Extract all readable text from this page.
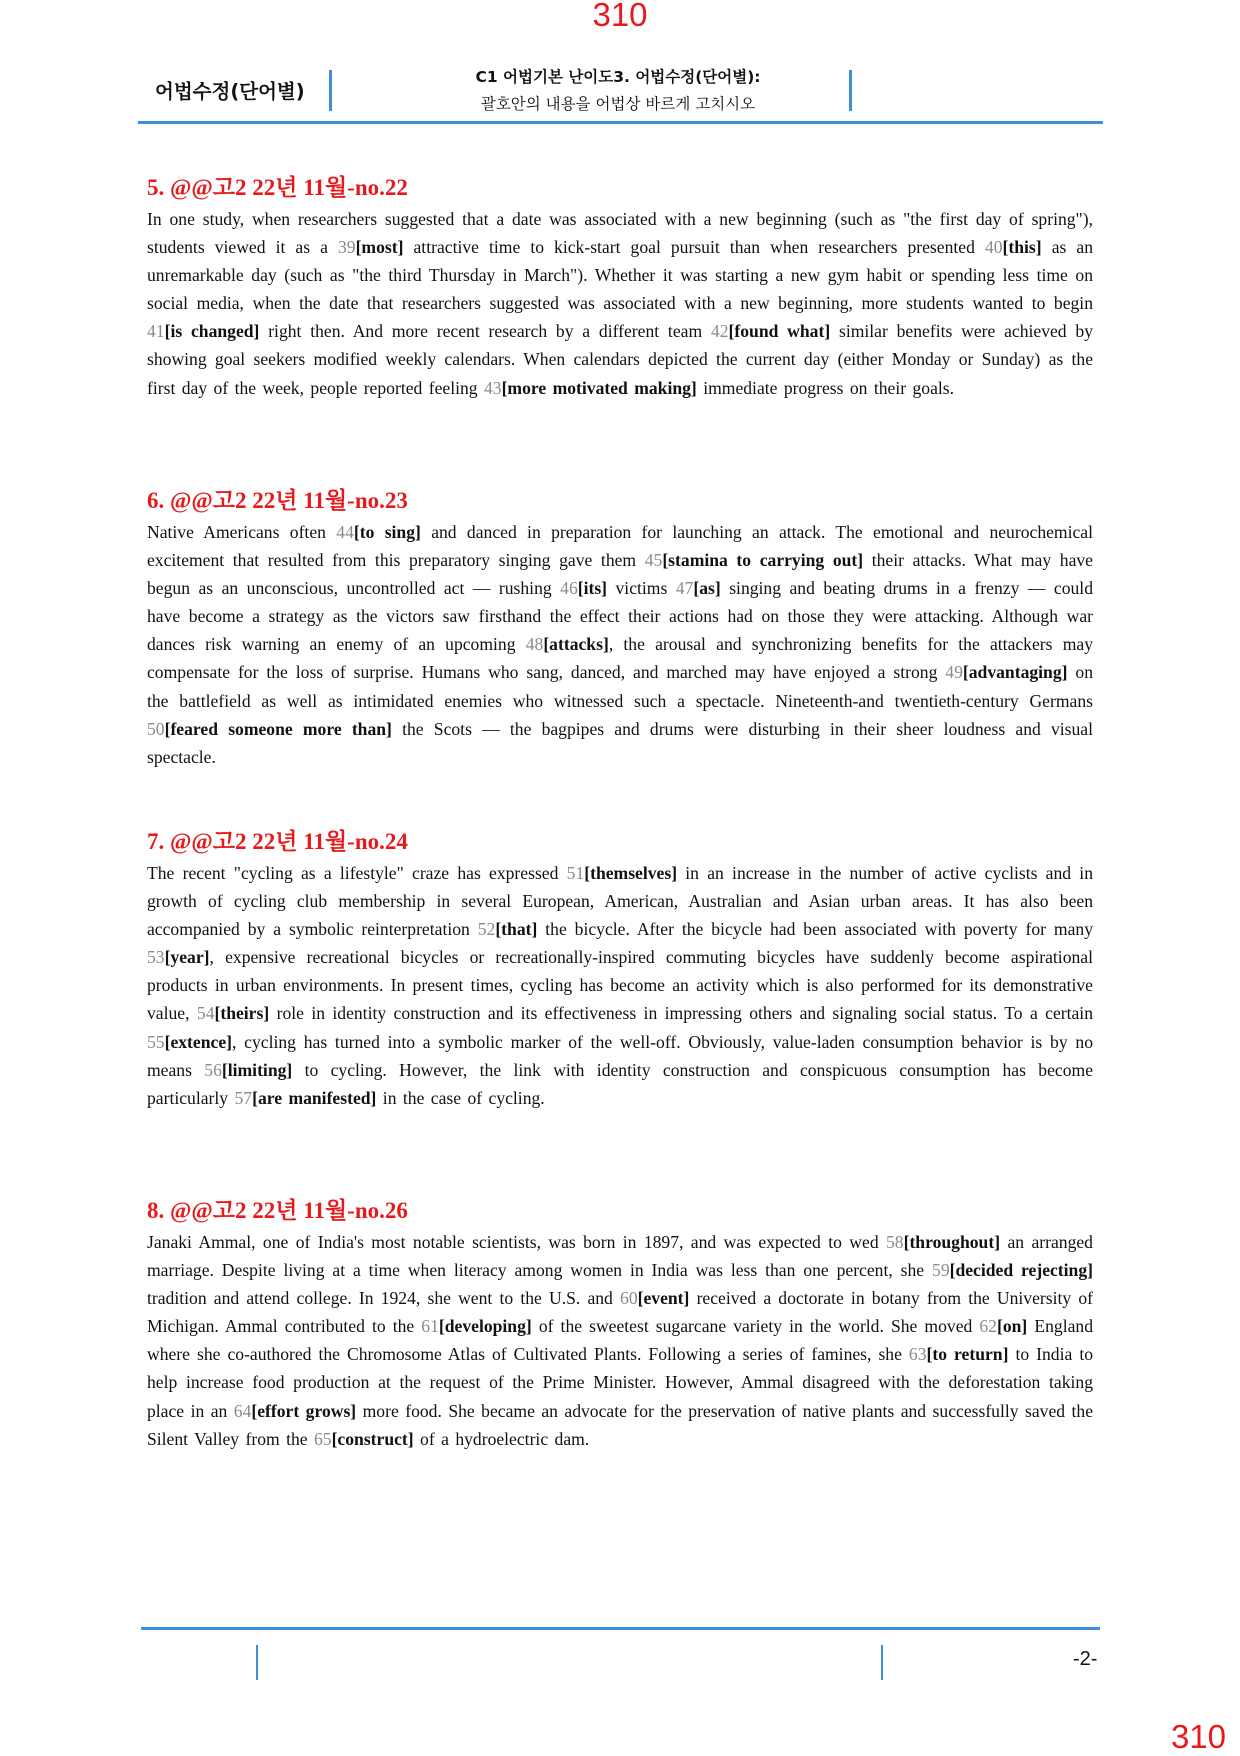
310
어법수정(단어별)
C1 어법기본 난이도3. 어법수정(단어별):
괄호안의 내용을 어법상 바르게 고치시오
5. @@고2 22년 11월-no.22
In one study, when researchers suggested that a date was associated with a new beginning (such as "the first day of spring"), students viewed it as a 39[most] attractive time to kick-start goal pursuit than when researchers presented 40[this] as an unremarkable day (such as "the third Thursday in March"). Whether it was starting a new gym habit or spending less time on social media, when the date that researchers suggested was associated with a new beginning, more students wanted to begin 41[is changed] right then. And more recent research by a different team 42[found what] similar benefits were achieved by showing goal seekers modified weekly calendars. When calendars depicted the current day (either Monday or Sunday) as the first day of the week, people reported feeling 43[more motivated making] immediate progress on their goals.
6. @@고2 22년 11월-no.23
Native Americans often 44[to sing] and danced in preparation for launching an attack. The emotional and neurochemical excitement that resulted from this preparatory singing gave them 45[stamina to carrying out] their attacks. What may have begun as an unconscious, uncontrolled act — rushing 46[its] victims 47[as] singing and beating drums in a frenzy — could have become a strategy as the victors saw firsthand the effect their actions had on those they were attacking. Although war dances risk warning an enemy of an upcoming 48[attacks], the arousal and synchronizing benefits for the attackers may compensate for the loss of surprise. Humans who sang, danced, and marched may have enjoyed a strong 49[advantaging] on the battlefield as well as intimidated enemies who witnessed such a spectacle. Nineteenth-and twentieth-century Germans 50[feared someone more than] the Scots — the bagpipes and drums were disturbing in their sheer loudness and visual spectacle.
7. @@고2 22년 11월-no.24
The recent "cycling as a lifestyle" craze has expressed 51[themselves] in an increase in the number of active cyclists and in growth of cycling club membership in several European, American, Australian and Asian urban areas. It has also been accompanied by a symbolic reinterpretation 52[that] the bicycle. After the bicycle had been associated with poverty for many 53[year], expensive recreational bicycles or recreationally-inspired commuting bicycles have suddenly become aspirational products in urban environments. In present times, cycling has become an activity which is also performed for its demonstrative value, 54[theirs] role in identity construction and its effectiveness in impressing others and signaling social status. To a certain 55[extence], cycling has turned into a symbolic marker of the well-off. Obviously, value-laden consumption behavior is by no means 56[limiting] to cycling. However, the link with identity construction and conspicuous consumption has become particularly 57[are manifested] in the case of cycling.
8. @@고2 22년 11월-no.26
Janaki Ammal, one of India's most notable scientists, was born in 1897, and was expected to wed 58[throughout] an arranged marriage. Despite living at a time when literacy among women in India was less than one percent, she 59[decided rejecting] tradition and attend college. In 1924, she went to the U.S. and 60[event] received a doctorate in botany from the University of Michigan. Ammal contributed to the 61[developing] of the sweetest sugarcane variety in the world. She moved 62[on] England where she co-authored the Chromosome Atlas of Cultivated Plants. Following a series of famines, she 63[to return] to India to help increase food production at the request of the Prime Minister. However, Ammal disagreed with the deforestation taking place in an 64[effort grows] more food. She became an advocate for the preservation of native plants and successfully saved the Silent Valley from the 65[construct] of a hydroelectric dam.
-2-
310
